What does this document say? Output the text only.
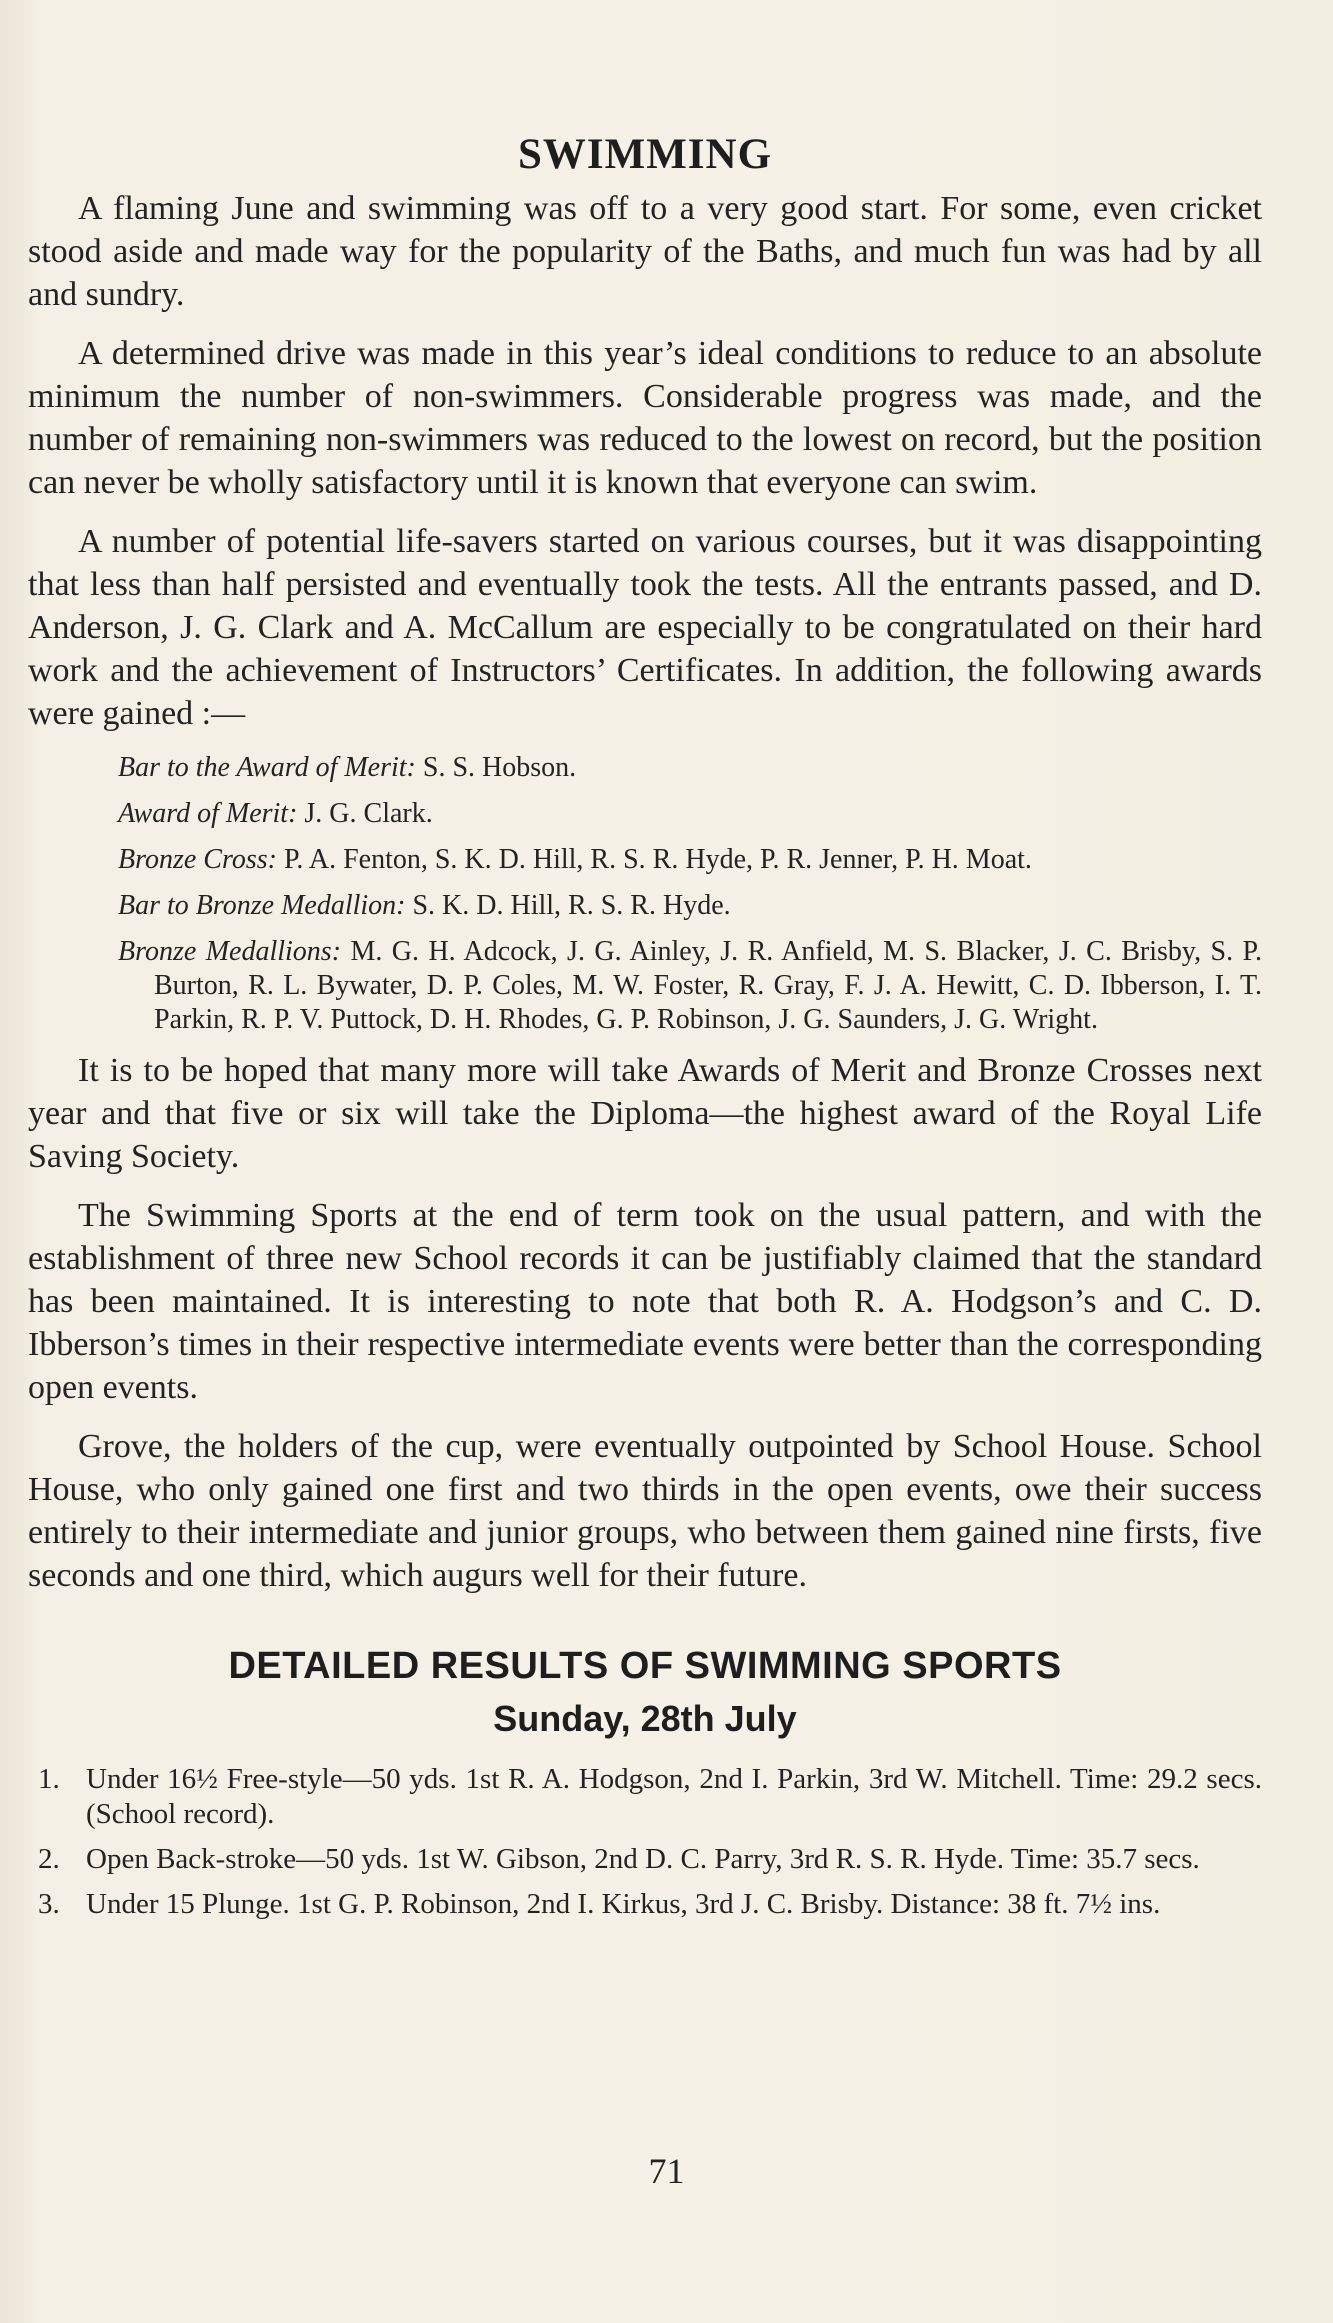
SWIMMING

A flaming June and swimming was off to a very good start. For some, even cricket stood aside and made way for the popularity of the Baths, and much fun was had by all and sundry.

A determined drive was made in this year’s ideal conditions to reduce to an absolute minimum the number of non-swimmers. Considerable progress was made, and the number of remaining non-swimmers was reduced to the lowest on record, but the position can never be wholly satisfactory until it is known that everyone can swim.

A number of potential life-savers started on various courses, but it was disappointing that less than half persisted and eventually took the tests. All the entrants passed, and D. Anderson, J. G. Clark and A. McCallum are especially to be congratulated on their hard work and the achievement of Instructors’ Certificates. In addition, the following awards were gained :—

Bar to the Award of Merit: S. S. Hobson.
Award of Merit: J. G. Clark.
Bronze Cross: P. A. Fenton, S. K. D. Hill, R. S. R. Hyde, P. R. Jenner, P. H. Moat.
Bar to Bronze Medallion: S. K. D. Hill, R. S. R. Hyde.
Bronze Medallions: M. G. H. Adcock, J. G. Ainley, J. R. Anfield, M. S. Blacker, J. C. Brisby, S. P. Burton, R. L. Bywater, D. P. Coles, M. W. Foster, R. Gray, F. J. A. Hewitt, C. D. Ibberson, I. T. Parkin, R. P. V. Puttock, D. H. Rhodes, G. P. Robinson, J. G. Saunders, J. G. Wright.

It is to be hoped that many more will take Awards of Merit and Bronze Crosses next year and that five or six will take the Diploma—the highest award of the Royal Life Saving Society.

The Swimming Sports at the end of term took on the usual pattern, and with the establishment of three new School records it can be justifiably claimed that the standard has been maintained. It is interesting to note that both R. A. Hodgson’s and C. D. Ibberson’s times in their respective intermediate events were better than the corresponding open events.

Grove, the holders of the cup, were eventually outpointed by School House. School House, who only gained one first and two thirds in the open events, owe their success entirely to their intermediate and junior groups, who between them gained nine firsts, five seconds and one third, which augurs well for their future.

DETAILED RESULTS OF SWIMMING SPORTS
Sunday, 28th July
1. Under 16½ Free-style—50 yds. 1st R. A. Hodgson, 2nd I. Parkin, 3rd W. Mitchell. Time: 29.2 secs. (School record).
2. Open Back-stroke—50 yds. 1st W. Gibson, 2nd D. C. Parry, 3rd R. S. R. Hyde. Time: 35.7 secs.
3. Under 15 Plunge. 1st G. P. Robinson, 2nd I. Kirkus, 3rd J. C. Brisby. Distance: 38 ft. 7½ ins.
71
